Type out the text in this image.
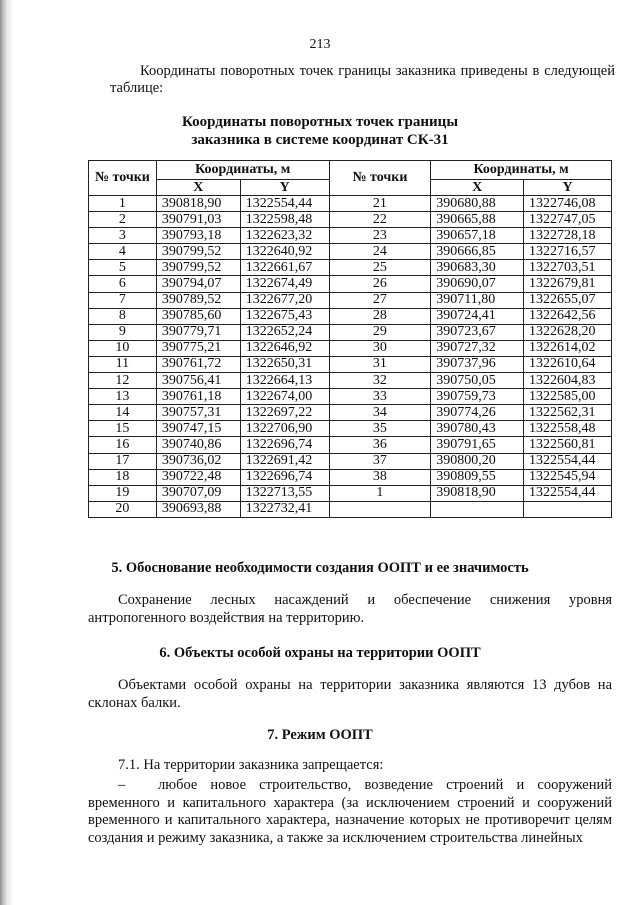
213
Координаты поворотных точек границы заказника приведены в следующей таблице:
Координаты поворотных точек границы
заказника в системе координат СК-31
№ точки	Координаты, м		№ точки	Координаты, м	
	X	Y		X	Y
1	390818,90	1322554,44	21	390680,88	1322746,08
2	390791,03	1322598,48	22	390665,88	1322747,05
3	390793,18	1322623,32	23	390657,18	1322728,18
4	390799,52	1322640,92	24	390666,85	1322716,57
5	390799,52	1322661,67	25	390683,30	1322703,51
6	390794,07	1322674,49	26	390690,07	1322679,81
7	390789,52	1322677,20	27	390711,80	1322655,07
8	390785,60	1322675,43	28	390724,41	1322642,56
9	390779,71	1322652,24	29	390723,67	1322628,20
10	390775,21	1322646,92	30	390727,32	1322614,02
11	390761,72	1322650,31	31	390737,96	1322610,64
12	390756,41	1322664,13	32	390750,05	1322604,83
13	390761,18	1322674,00	33	390759,73	1322585,00
14	390757,31	1322697,22	34	390774,26	1322562,31
15	390747,15	1322706,90	35	390780,43	1322558,48
16	390740,86	1322696,74	36	390791,65	1322560,81
17	390736,02	1322691,42	37	390800,20	1322554,44
18	390722,48	1322696,74	38	390809,55	1322545,94
19	390707,09	1322713,55	1	390818,90	1322554,44
20	390693,88	1322732,41			
5. Обоснование необходимости создания ООПТ и ее значимость
Сохранение лесных насаждений и обеспечение снижения уровня антропогенного воздействия на территорию.
6. Объекты особой охраны на территории ООПТ
Объектами особой охраны на территории заказника являются 13 дубов на склонах балки.
7. Режим ООПТ
7.1. На территории заказника запрещается:
– любое новое строительство, возведение строений и сооружений временного и капитального характера (за исключением строений и сооружений временного и капитального характера, назначение которых не противоречит целям создания и режиму заказника, а также за исключением строительства линейных
